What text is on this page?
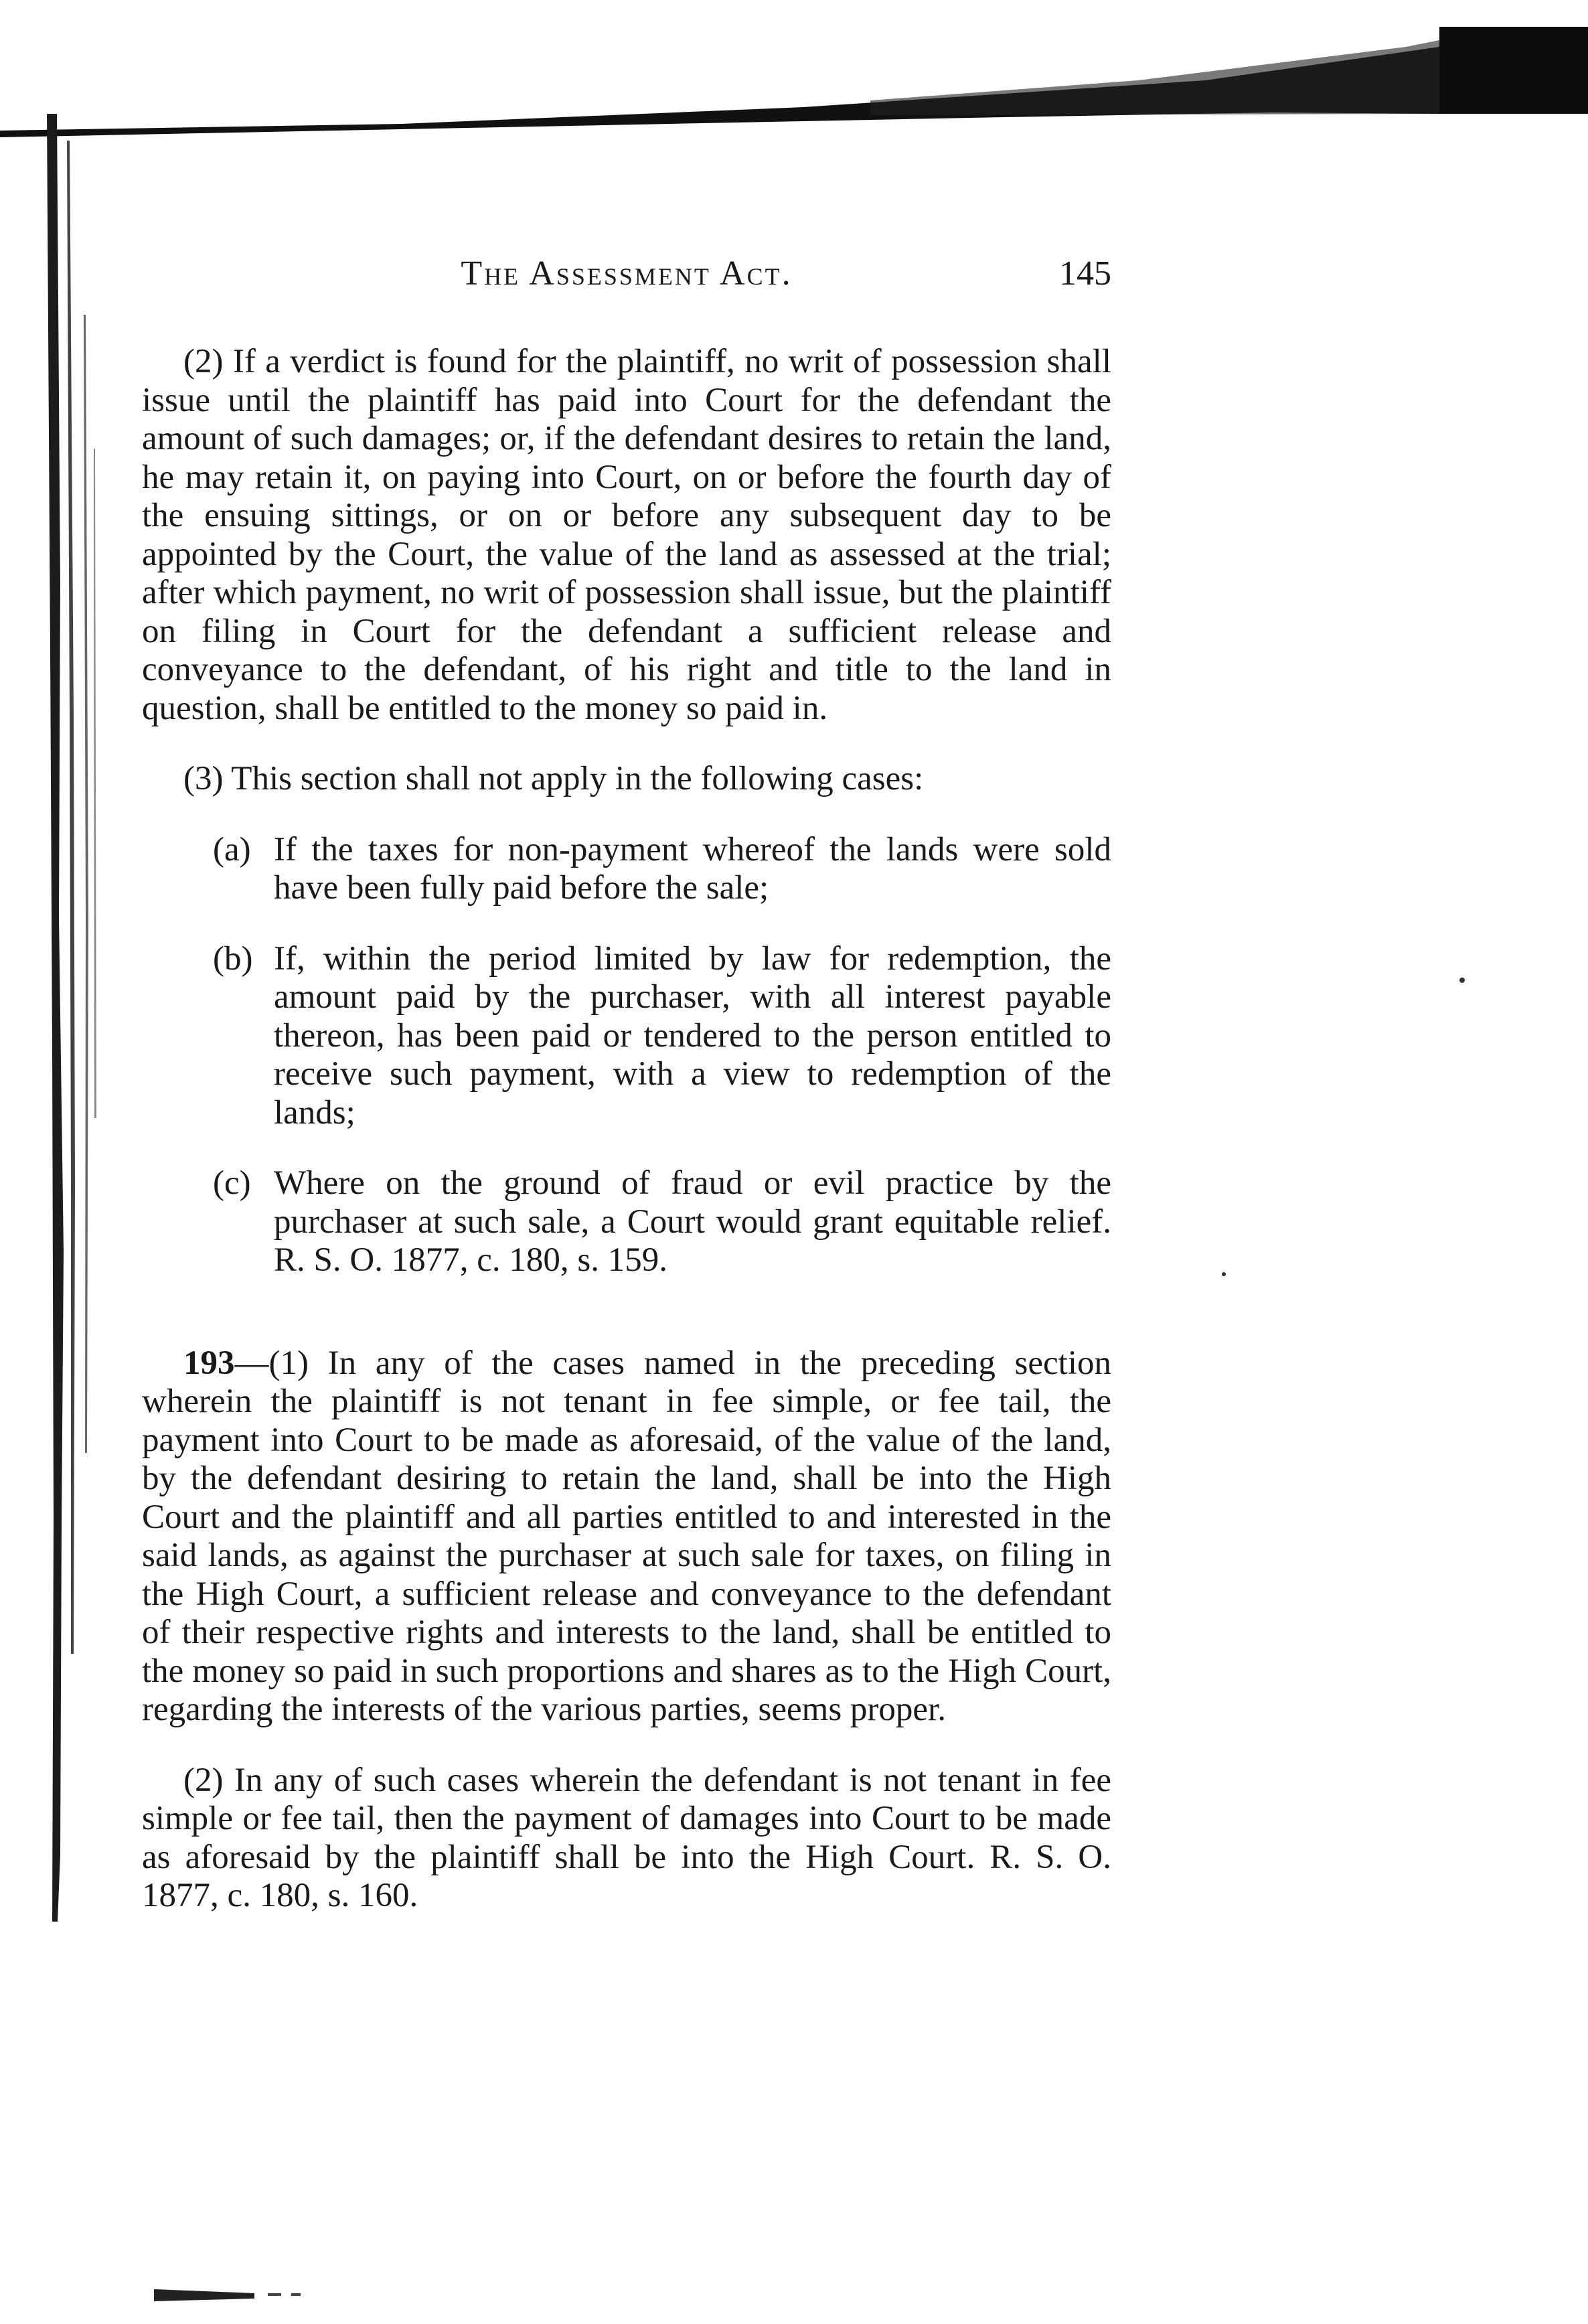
The Assessment Act.	145

(2) If a verdict is found for the plaintiff, no writ of possession shall issue until the plaintiff has paid into Court for the defendant the amount of such damages; or, if the defendant desires to retain the land, he may retain it, on paying into Court, on or before the fourth day of the ensuing sittings, or on or before any subsequent day to be appointed by the Court, the value of the land as assessed at the trial; after which payment, no writ of possession shall issue, but the plaintiff on filing in Court for the defendant a sufficient release and conveyance to the defendant, of his right and title to the land in question, shall be entitled to the money so paid in.

(3) This section shall not apply in the following cases:

(a) If the taxes for non-payment whereof the lands were sold have been fully paid before the sale;
(b) If, within the period limited by law for redemption, the amount paid by the purchaser, with all interest payable thereon, has been paid or tendered to the person entitled to receive such payment, with a view to redemption of the lands;
(c) Where on the ground of fraud or evil practice by the purchaser at such sale, a Court would grant equitable relief. R. S. O. 1877, c. 180, s. 159.

193—(1) In any of the cases named in the preceding section wherein the plaintiff is not tenant in fee simple, or fee tail, the payment into Court to be made as aforesaid, of the value of the land, by the defendant desiring to retain the land, shall be into the High Court and the plaintiff and all parties entitled to and interested in the said lands, as against the purchaser at such sale for taxes, on filing in the High Court, a sufficient release and conveyance to the defendant of their respective rights and interests to the land, shall be entitled to the money so paid in such proportions and shares as to the High Court, regarding the interests of the various parties, seems proper.

(2) In any of such cases wherein the defendant is not tenant in fee simple or fee tail, then the payment of damages into Court to be made as aforesaid by the plaintiff shall be into the High Court. R. S. O. 1877, c. 180, s. 160.
